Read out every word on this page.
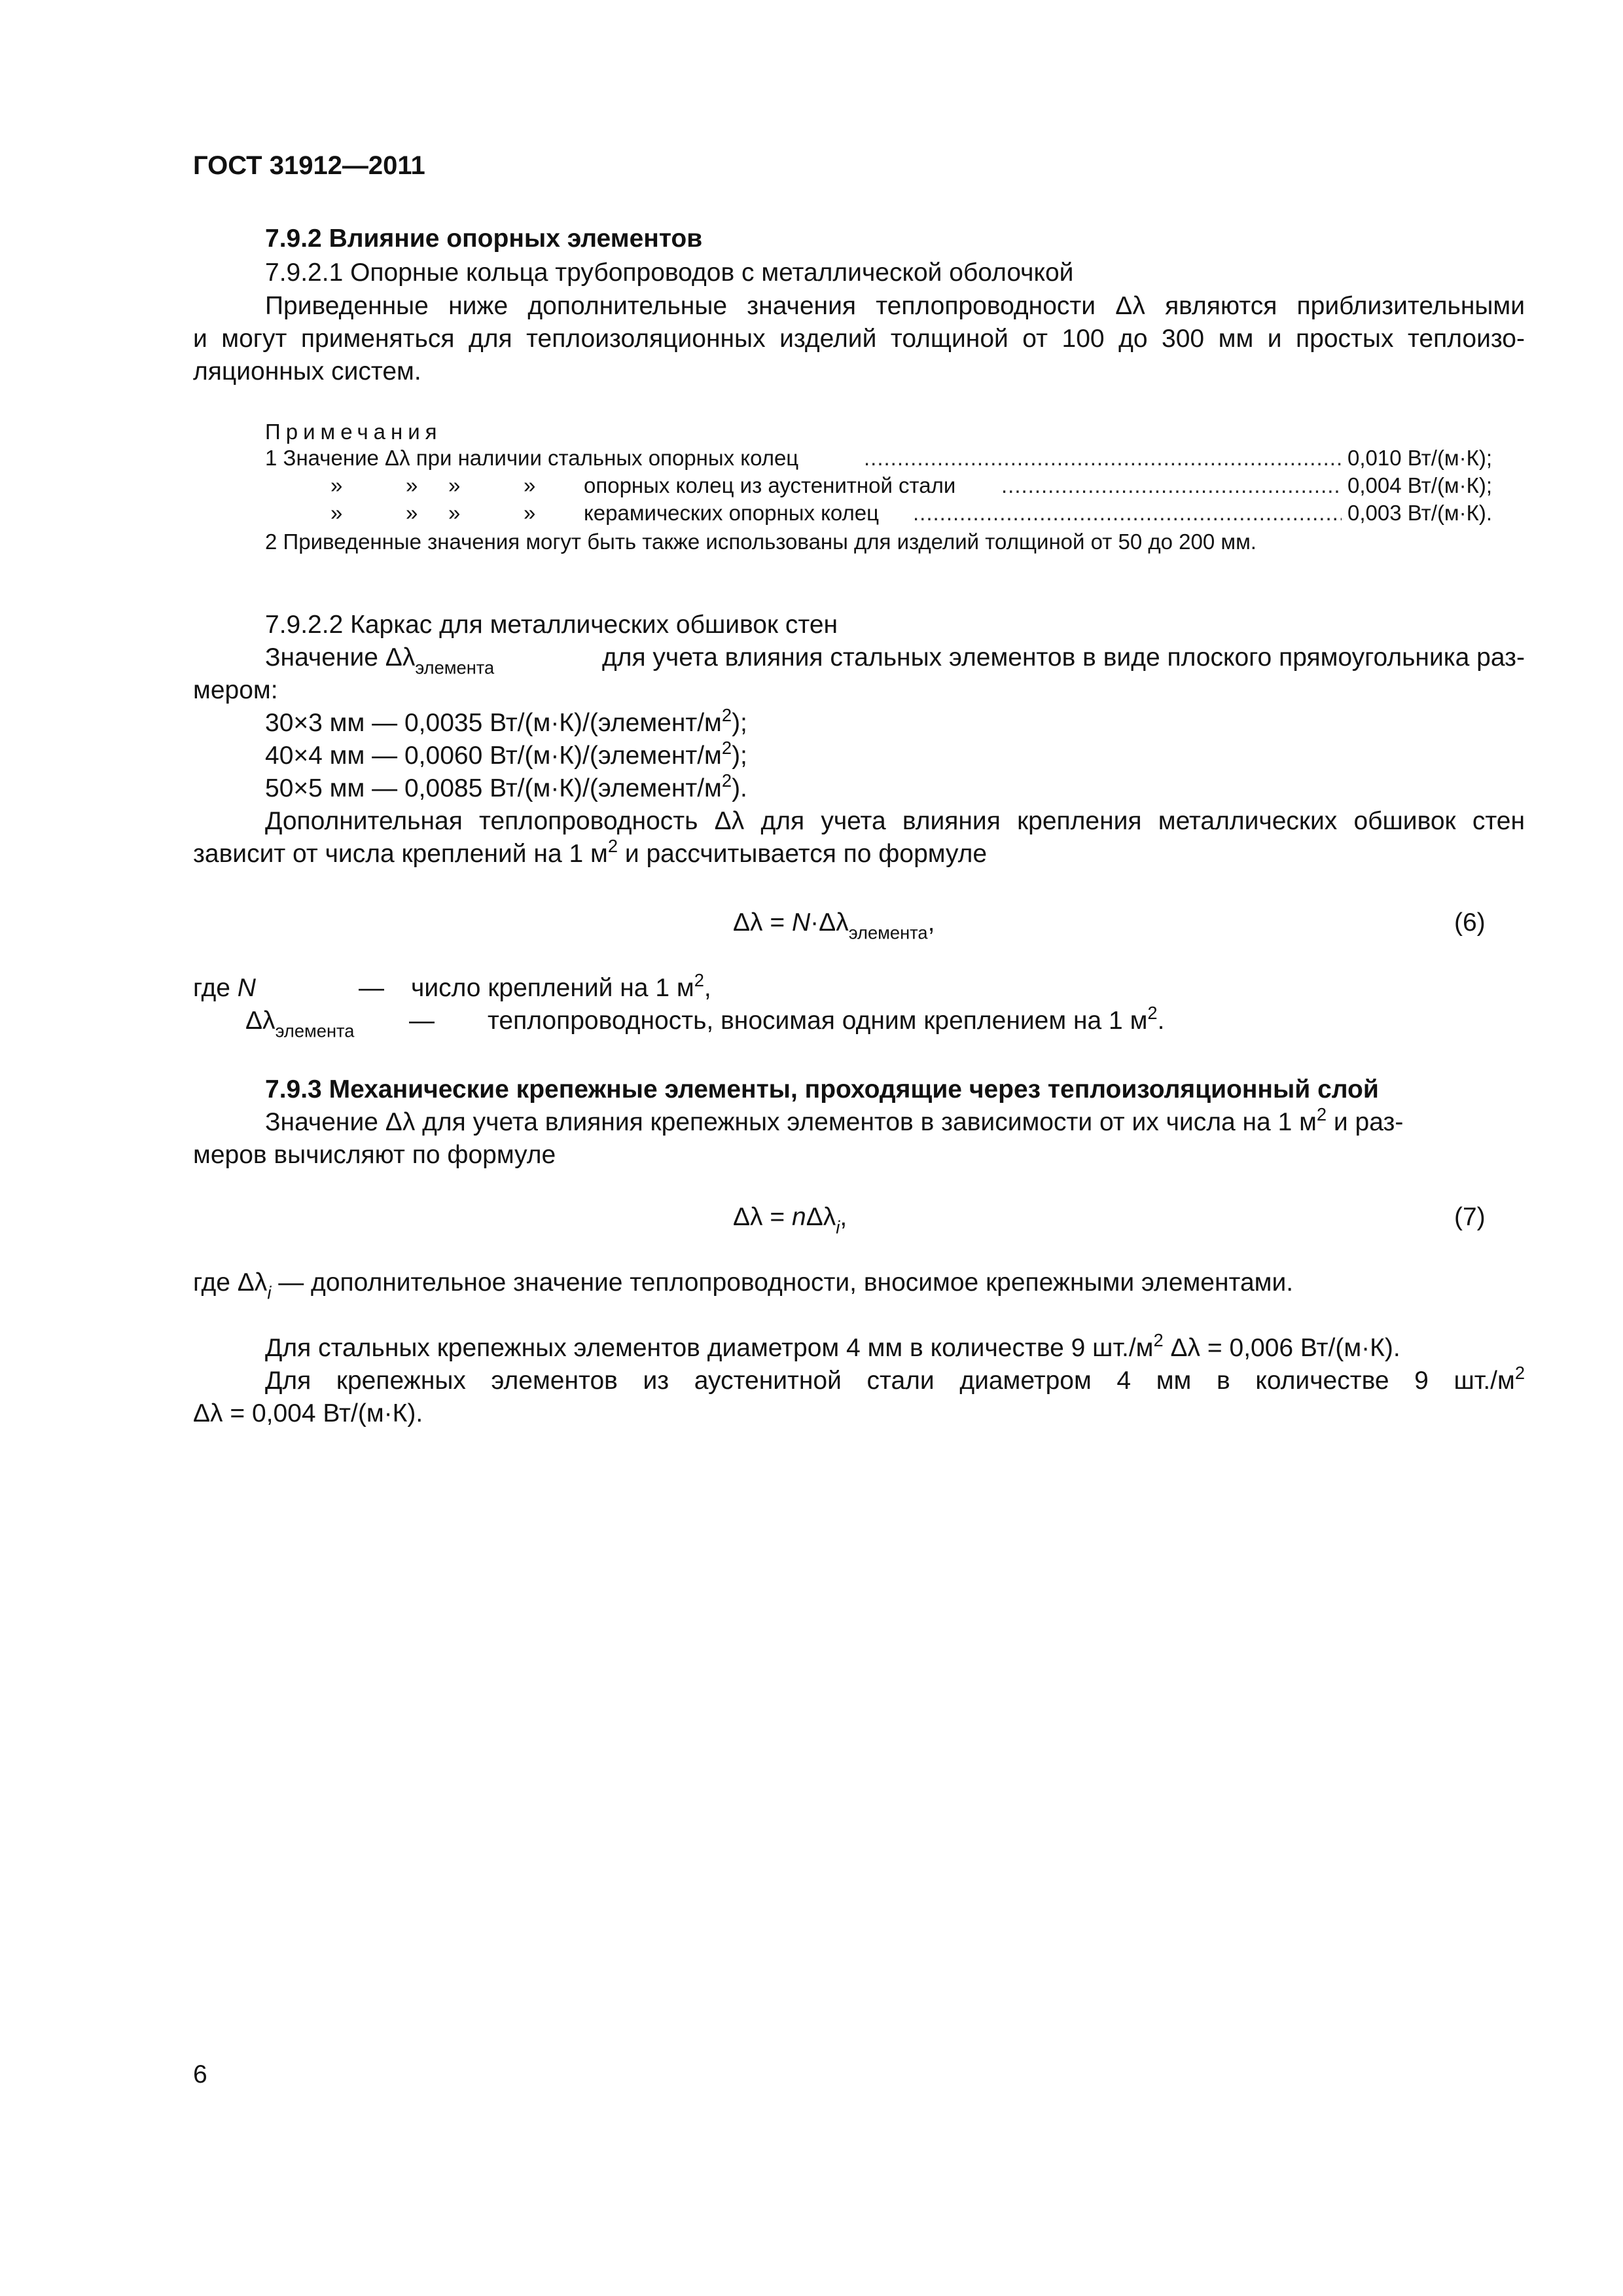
ГОСТ 31912—2011
7.9.2 Влияние опорных элементов
7.9.2.1 Опорные кольца трубопроводов с металлической оболочкой
Приведенные ниже дополнительные значения теплопроводности Δλ являются приблизительными
и могут применяться для теплоизоляционных изделий толщиной от 100 до 300 мм и простых теплоизо-
ляционных систем.
Примечания
1 Значение Δλ при наличии стальных опорных колец .....	0,010 Вт/(м·К);
»	» »	» опорных колец из аустенитной стали .....	0,004 Вт/(м·К);
»	» »	» керамических опорных колец .....	0,003 Вт/(м·К).
2 Приведенные значения могут быть также использованы для изделий толщиной от 50 до 200 мм.
7.9.2.2 Каркас для металлических обшивок стен
Значение $\Delta\lambda_{элемента}$	для учета влияния стальных элементов в виде плоского прямоугольника раз-
мером:
30×3 мм — 0,0035 $Вт/(м\cdot К)/(элемент/м^2)$;
40×4 мм — 0,0060 $Вт/(м\cdot К)/(элемент/м^2)$;
50×5 мм — 0,0085 $Вт/(м\cdot К)/(элемент/м^2)$.
Дополнительная теплопроводность Δλ для учета влияния крепления металлических обшивок стен
зависит от числа креплений на 1 $м^2$ и рассчитывается по формуле
$\Delta\lambda = N\cdot\Delta\lambda_{элемента}$,	(6)
где N	— число креплений на 1 $м^2$,
$\Delta\lambda_{элемента}$ — теплопроводность, вносимая одним креплением на 1 $м^2$.
7.9.3 Механические крепежные элементы, проходящие через теплоизоляционный слой
Значение Δλ для учета влияния крепежных элементов в зависимости от их числа на 1 $м^2$ и раз-
меров вычисляют по формуле
Δλ = nΔλ$_i$,	(7)
где $\Delta\lambda_i$ — дополнительное значение теплопроводности, вносимое крепежными элементами.
Для стальных крепежных элементов диаметром 4 мм в количестве 9 $шт./м^2$ Δλ = 0,006 Вт/(м·К).
Для крепежных элементов из аустенитной стали диаметром 4 мм в количестве 9 $шт./м^2$
Δλ = 0,004 Вт/(м·К).
6
